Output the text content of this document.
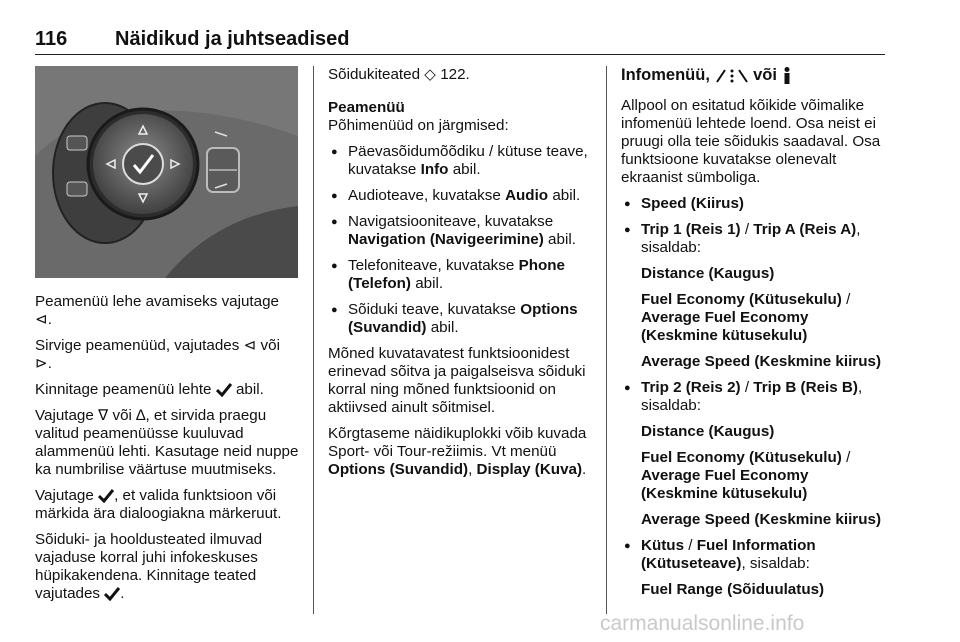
116 Näidikud ja juhtseadised

Peamenüü lehe avamiseks vajutage
⊲.

Sirvige peamenüüd, vajutades ⊲ või
⊳.

Kinnitage peamenüü lehte abil.

Vajutage ∇ või ∆, et sirvida praegu valitud peamenüüsse kuuluvad alammenüü lehti. Kasutage neid nuppe ka numbrilise väärtuse muutmiseks.

Vajutage , et valida funktsioon või märkida ära dialoogiakna märkeruut.

Sõiduki- ja hooldusteated ilmuvad vajaduse korral juhi infokeskuses hüpikakendena. Kinnitage teated vajutades .

Sõidukiteated ◇ 122.

Peamenüü

Põhimenüüd on järgmised:

● Päevasõidumõõdiku / kütuse teave, kuvatakse Info abil.
● Audioteave, kuvatakse Audio abil.
● Navigatsiooniteave, kuvatakse Navigation (Navigeerimine) abil.
● Telefoniteave, kuvatakse Phone (Telefon) abil.
● Sõiduki teave, kuvatakse Options (Suvandid) abil.

Mõned kuvatavatest funktsioonidest erinevad sõitva ja paigalseisva sõiduki korral ning mõned funktsioonid on aktiivsed ainult sõitmisel.

Kõrgtaseme näidikuplokki võib kuvada Sport- või Tour-režiimis. Vt menüü Options (Suvandid), Display (Kuva).

Infomenüü,	või

Allpool on esitatud kõikide võimalike infomenüü lehtede loend. Osa neist ei pruugi olla teie sõidukis saadaval. Osa funktsioone kuvatakse olenevalt ekraanist sümboliga.

● Speed (Kiirus)
● Trip 1 (Reis 1) / Trip A (Reis A),
sisaldab:
Distance (Kaugus)
Fuel Economy (Kütusekulu) / Average Fuel Economy (Keskmine kütusekulu)
Average Speed (Keskmine kiirus)
● Trip 2 (Reis 2) / Trip B (Reis B),
sisaldab:
Distance (Kaugus)
Fuel Economy (Kütusekulu) / Average Fuel Economy (Keskmine kütusekulu)
Average Speed (Keskmine kiirus)
● Kütus / Fuel Information (Kütuseteave), sisaldab:
Fuel Range (Sõiduulatus)
carmanualsonline.info
